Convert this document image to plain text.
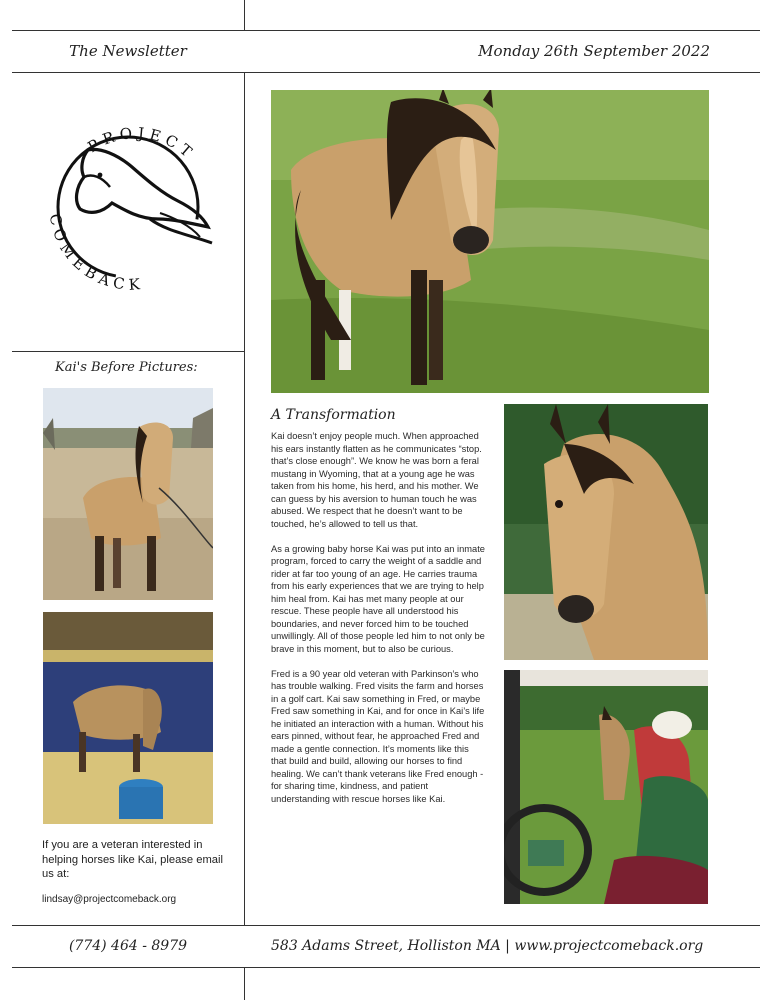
The Newsletter	Monday 26th September 2022
PROJECT
COMEBACK
Kai's Before Pictures:
If you are a veteran interested in helping horses like Kai, please email us at:
lindsay@projectcomeback.org
A Transformation

Kai doesn’t enjoy people much. When approached his ears instantly flatten as he communicates “stop. that’s close enough”. We know he was born a feral mustang in Wyoming, that at a young age he was taken from his home, his herd, and his mother. We can guess by his aversion to human touch he was abused. We respect that he doesn’t want to be touched, he’s allowed to tell us that.

As a growing baby horse Kai was put into an inmate program, forced to carry the weight of a saddle and rider at far too young of an age. He carries trauma from his early experiences that we are trying to help him heal from. Kai has met many people at our rescue. These people have all understood his boundaries, and never forced him to be touched unwillingly. All of those people led him to not only be brave in this moment, but to also be curious.

Fred is a 90 year old veteran with Parkinson’s who has trouble walking. Fred visits the farm and horses in a golf cart. Kai saw something in Fred, or maybe Fred saw something in Kai, and for once in Kai’s life he initiated an interaction with a human. Without his ears pinned, without fear, he approached Fred and made a gentle connection. It’s moments like this that build and build, allowing our horses to find healing. We can’t thank veterans like Fred enough - for sharing time, kindness, and patient understanding with rescue horses like Kai.

(774) 464 - 8979	583 Adams Street, Holliston MA | www.projectcomeback.org
